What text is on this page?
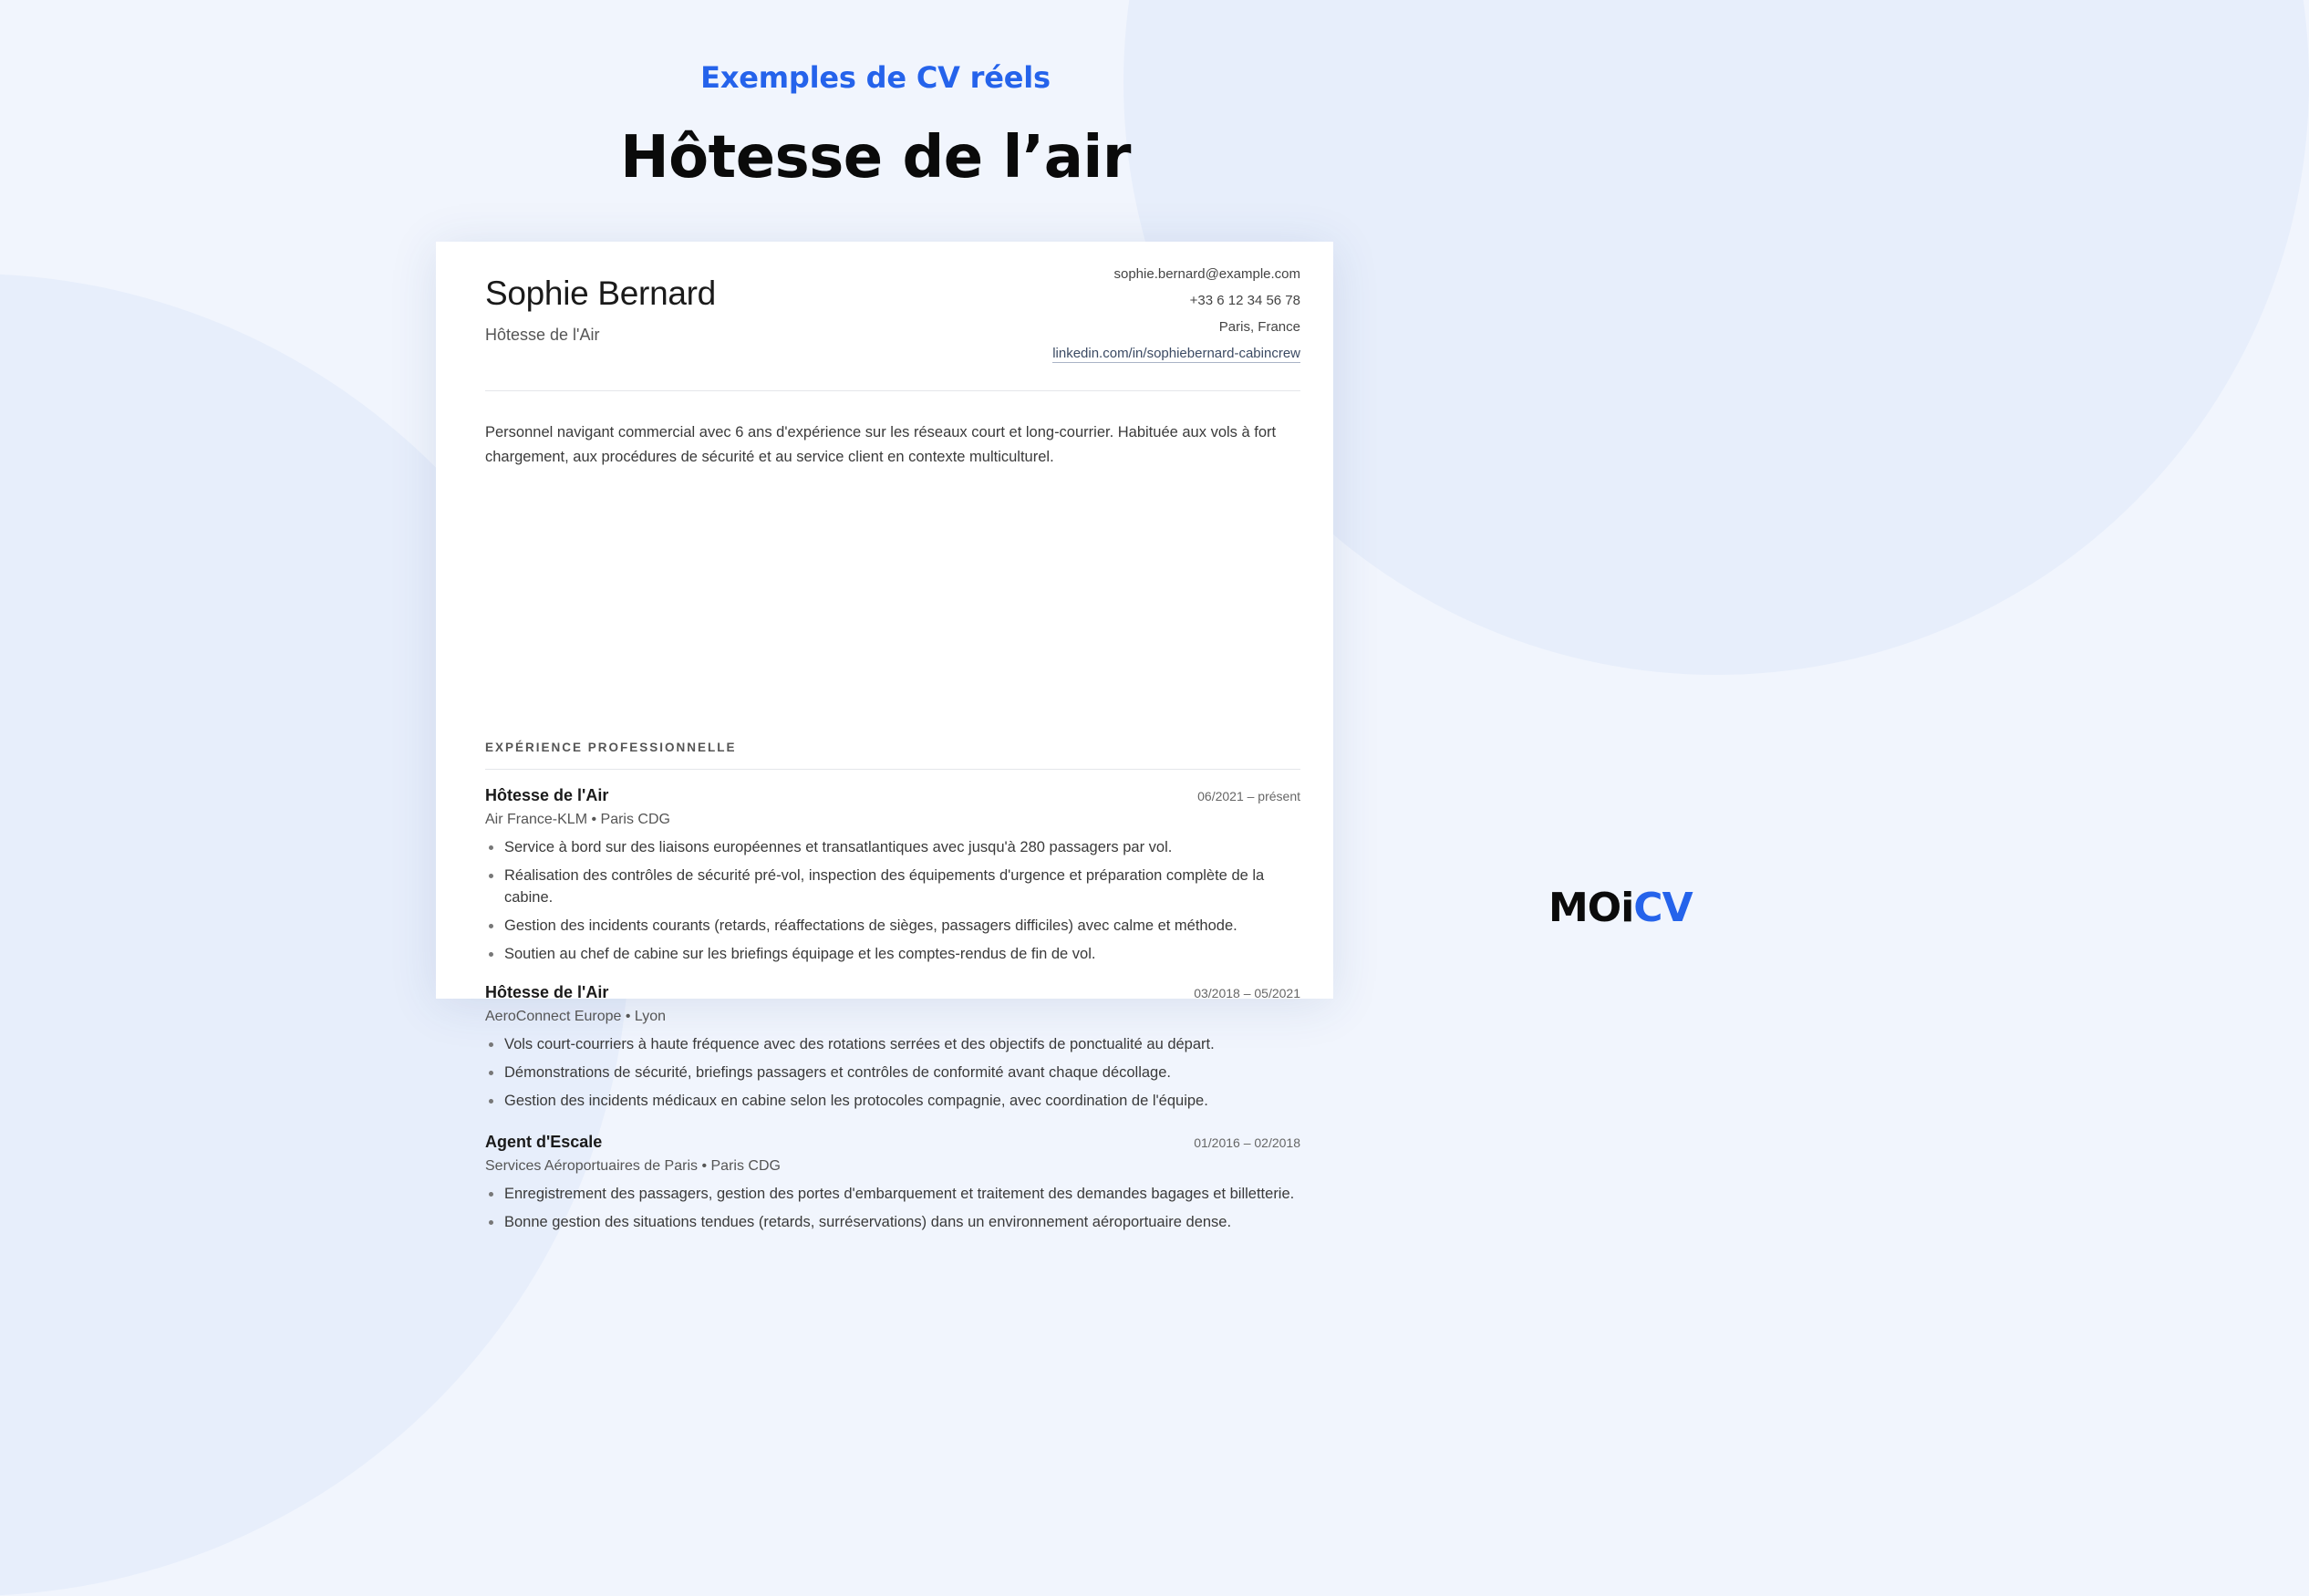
Exemples de CV réels
Hôtesse de l’air
Sophie Bernard
Hôtesse de l'Air
sophie.bernard@example.com
+33 6 12 34 56 78
Paris, France
linkedin.com/in/sophiebernard-cabincrew
Personnel navigant commercial avec 6 ans d'expérience sur les réseaux court et long-courrier. Habituée aux vols à fort chargement, aux procédures de sécurité et au service client en contexte multiculturel.
EXPÉRIENCE PROFESSIONNELLE
Hôtesse de l'Air	06/2021 – présent
Air France-KLM • Paris CDG
Service à bord sur des liaisons européennes et transatlantiques avec jusqu'à 280 passagers par vol.
Réalisation des contrôles de sécurité pré-vol, inspection des équipements d'urgence et préparation complète de la cabine.
Gestion des incidents courants (retards, réaffectations de sièges, passagers difficiles) avec calme et méthode.
Soutien au chef de cabine sur les briefings équipage et les comptes-rendus de fin de vol.
Hôtesse de l'Air	03/2018 – 05/2021
AeroConnect Europe • Lyon
Vols court-courriers à haute fréquence avec des rotations serrées et des objectifs de ponctualité au départ.
Démonstrations de sécurité, briefings passagers et contrôles de conformité avant chaque décollage.
Gestion des incidents médicaux en cabine selon les protocoles compagnie, avec coordination de l'équipe.
Agent d'Escale	01/2016 – 02/2018
Services Aéroportuaires de Paris • Paris CDG
Enregistrement des passagers, gestion des portes d'embarquement et traitement des demandes bagages et billetterie.
Bonne gestion des situations tendues (retards, surréservations) dans un environnement aéroportuaire dense.
MOiCV
